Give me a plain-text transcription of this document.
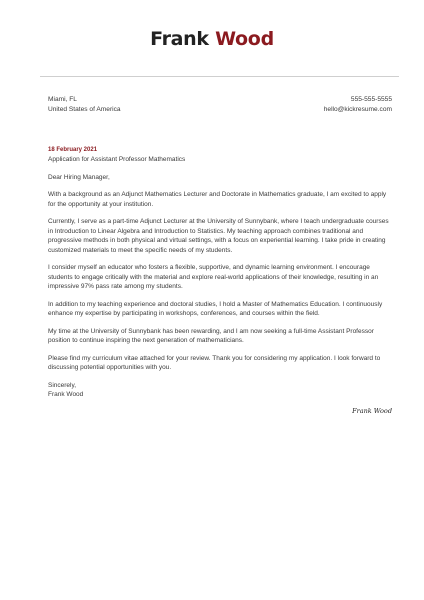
Frank Wood
Miami, FL
United States of America
555-555-5555
hello@kickresume.com
18 February 2021

Application for Assistant Professor Mathematics

Dear Hiring Manager,

With a background as an Adjunct Mathematics Lecturer and Doctorate in Mathematics graduate, I am excited to apply for the opportunity at your institution.

Currently, I serve as a part-time Adjunct Lecturer at the University of Sunnybank, where I teach undergraduate courses in Introduction to Linear Algebra and Introduction to Statistics. My teaching approach combines traditional and progressive methods in both physical and virtual settings, with a focus on experiential learning. I take pride in creating customized materials to meet the specific needs of my students.

I consider myself an educator who fosters a flexible, supportive, and dynamic learning environment. I encourage students to engage critically with the material and explore real-world applications of their knowledge, resulting in an impressive 97% pass rate among my students.

In addition to my teaching experience and doctoral studies, I hold a Master of Mathematics Education. I continuously enhance my expertise by participating in workshops, conferences, and courses within the field.

My time at the University of Sunnybank has been rewarding, and I am now seeking a full-time Assistant Professor position to continue inspiring the next generation of mathematicians.

Please find my curriculum vitae attached for your review. Thank you for considering my application. I look forward to discussing potential opportunities with you.

Sincerely,

Frank Wood

Frank Wood
